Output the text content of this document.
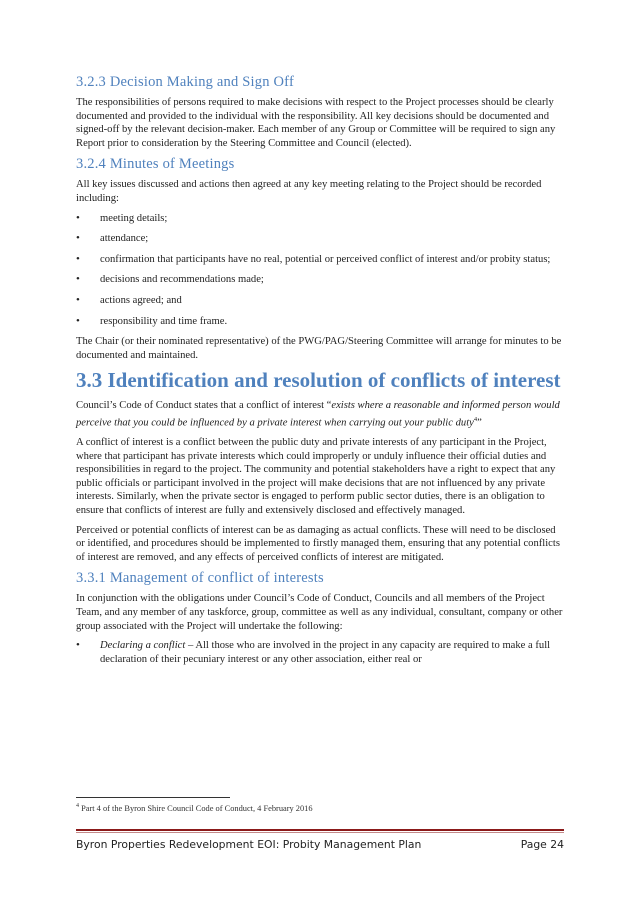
3.2.3 Decision Making and Sign Off

The responsibilities of persons required to make decisions with respect to the Project processes should be clearly documented and provided to the individual with the responsibility. All key decisions should be documented and signed-off by the relevant decision-maker. Each member of any Group or Committee will be required to sign any Report prior to consideration by the Steering Committee and Council (elected).

3.2.4 Minutes of Meetings

All key issues discussed and actions then agreed at any key meeting relating to the Project should be recorded including:

• meeting details;
• attendance;
• confirmation that participants have no real, potential or perceived conflict of interest and/or probity status;
• decisions and recommendations made;
• actions agreed; and
• responsibility and time frame.

The Chair (or their nominated representative) of the PWG/PAG/Steering Committee will arrange for minutes to be documented and maintained.

3.3 Identification and resolution of conflicts of interest

Council’s Code of Conduct states that a conflict of interest “exists where a reasonable and informed person would perceive that you could be influenced by a private interest when carrying out your public duty$^4$”

A conflict of interest is a conflict between the public duty and private interests of any participant in the Project, where that participant has private interests which could improperly or unduly influence their official duties and responsibilities in regard to the project. The community and potential stakeholders have a right to expect that any public officials or participant involved in the project will make decisions that are not influenced by any private interests. Similarly, when the private sector is engaged to perform public sector duties, there is an obligation to ensure that conflicts of interest are fully and extensively disclosed and effectively managed.

Perceived or potential conflicts of interest can be as damaging as actual conflicts. These will need to be disclosed or identified, and procedures should be implemented to firstly managed them, ensuring that any potential conflicts of interest are removed, and any effects of perceived conflicts of interest are mitigated.

3.3.1 Management of conflict of interests

In conjunction with the obligations under Council’s Code of Conduct, Councils and all members of the Project Team, and any member of any taskforce, group, committee as well as any individual, consultant, company or other group associated with the Project will undertake the following:

• Declaring a conflict – All those who are involved in the project in any capacity are required to make a full declaration of their pecuniary interest or any other association, either real or
$^4$ Part 4 of the Byron Shire Council Code of Conduct, 4 February 2016
Byron Properties Redevelopment EOI: Probity Management Plan	Page 24
